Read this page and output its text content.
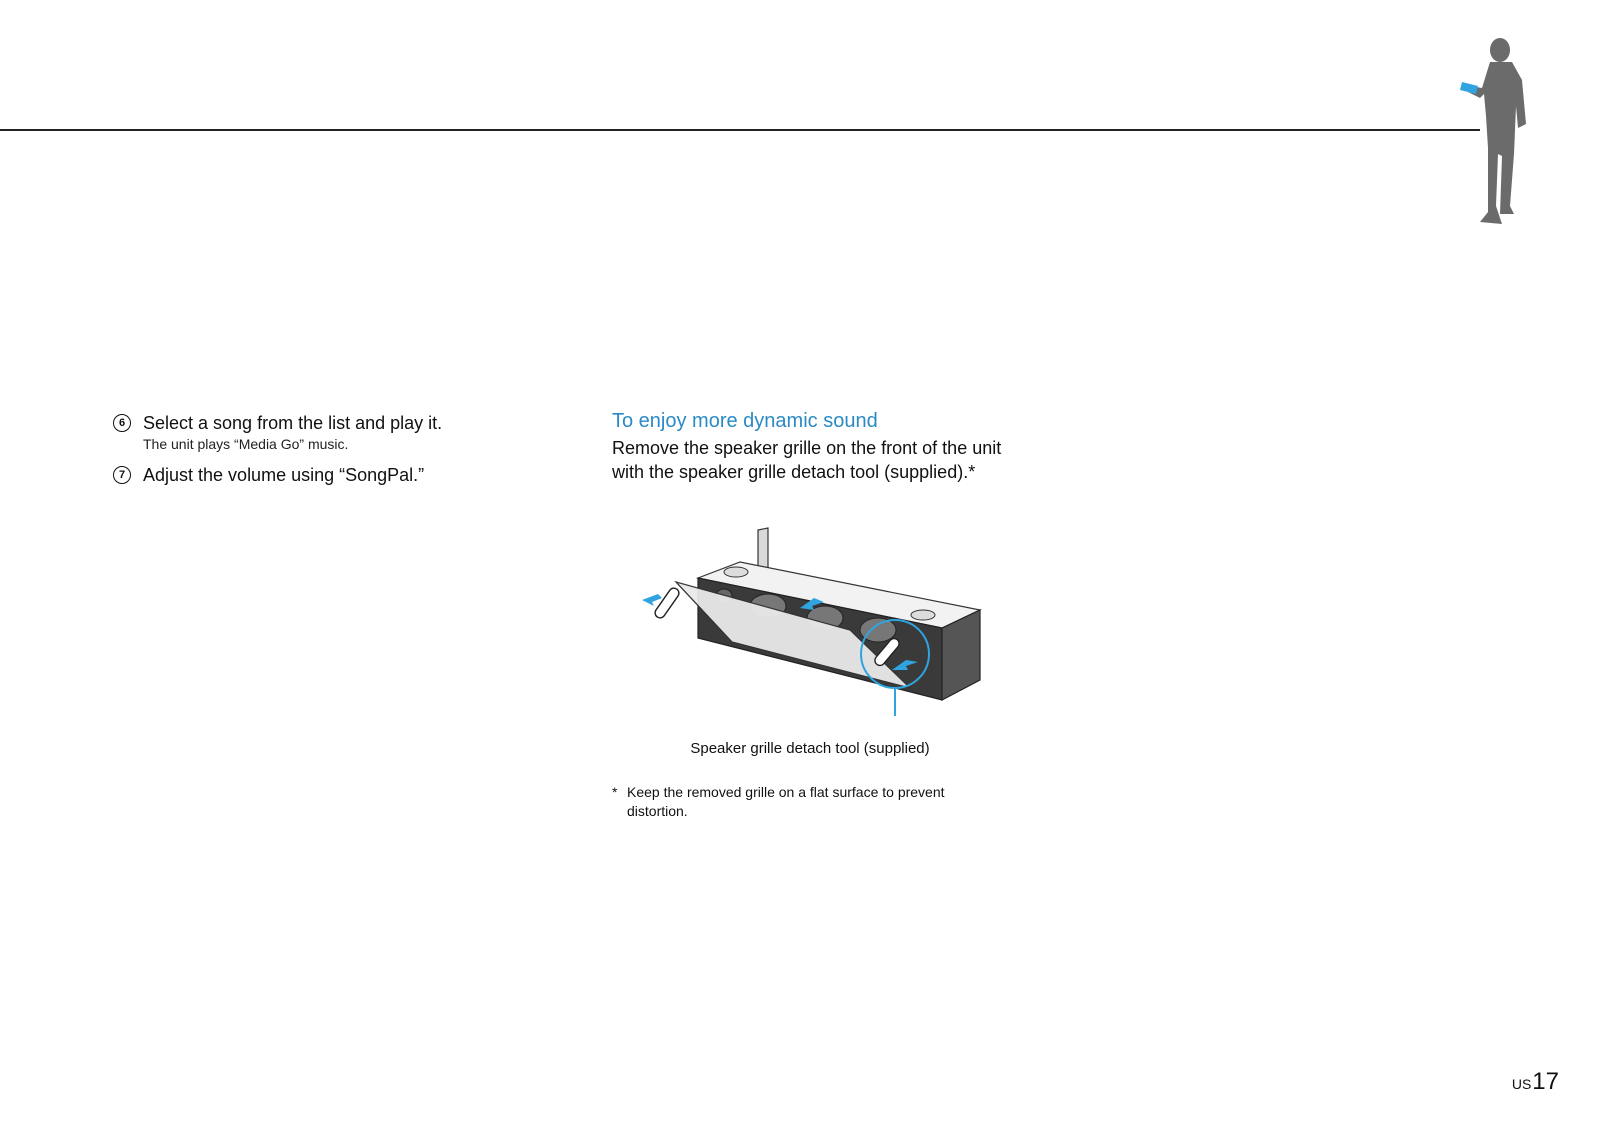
6 Select a song from the list and play it.
The unit plays “Media Go” music.
7 Adjust the volume using “SongPal.”
To enjoy more dynamic sound

Remove the speaker grille on the front of the unit with the speaker grille detach tool (supplied).*

Speaker grille detach tool (supplied)
* Keep the removed grille on a flat surface to prevent distortion.
US 17
